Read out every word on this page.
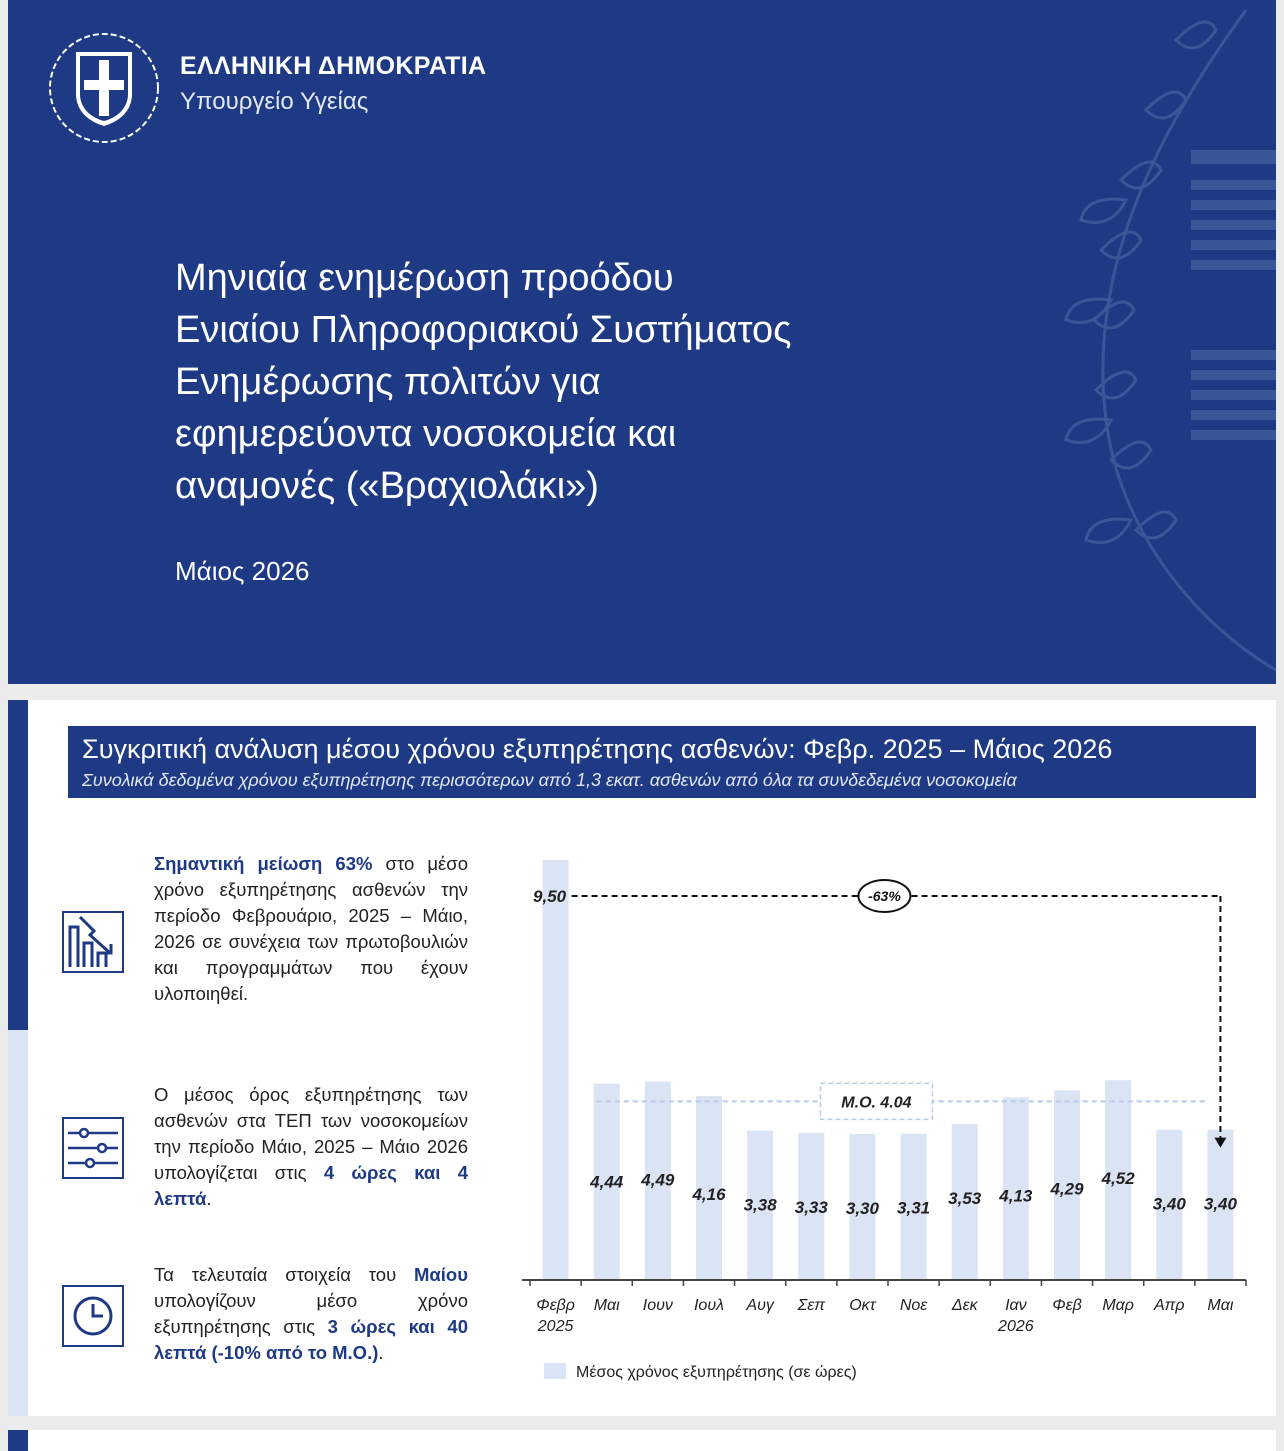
ΕΛΛΗΝΙΚΗ ΔΗΜΟΚΡΑΤΙΑ
Υπουργείο Υγείας
Μηνιαία ενημέρωση προόδου
Ενιαίου Πληροφοριακού Συστήματος
Ενημέρωσης πολιτών για
εφημερεύοντα νοσοκομεία και
αναμονές («Βραχιολάκι»)
Μάιος 2026
Συγκριτική ανάλυση μέσου χρόνου εξυπηρέτησης ασθενών: Φεβρ. 2025 – Μάιος 2026
Συνολικά δεδομένα χρόνου εξυπηρέτησης περισσότερων από 1,3 εκατ. ασθενών από όλα τα συνδεδεμένα νοσοκομεία
Σημαντική μείωση 63% στο μέσο χρόνο εξυπηρέτησης ασθενών την περίοδο Φεβρουάριο, 2025 – Μάιο, 2026 σε συνέχεια των πρωτοβουλιών και προγραμμάτων που έχουν υλοποιηθεί.
Ο μέσος όρος εξυπηρέτησης των ασθενών στα ΤΕΠ των νοσοκομείων την περίοδο Μάιο, 2025 – Μάιο 2026 υπολογίζεται στις 4 ώρες και 4 λεπτά.
Τα τελευταία στοιχεία του Μαίου υπολογίζουν μέσο χρόνο εξυπηρέτησης στις 3 ώρες και 40 λεπτά (-10% από το Μ.Ο.).
Μ.Ο. 4.04
9,50
4,44 4,49
4,16
3,38 3,33 3,30 3,31
3,53 4,13 4,29
4,52
3,40 3,40
-63%
Φεβρ
2025
Μαι Ιουν Ιουλ Αυγ Σεπ Οκτ Νοε Δεκ Ιαν
2026
Φεβ Μαρ Απρ Μαι
Μέσος χρόνος εξυπηρέτησης (σε ώρες)
